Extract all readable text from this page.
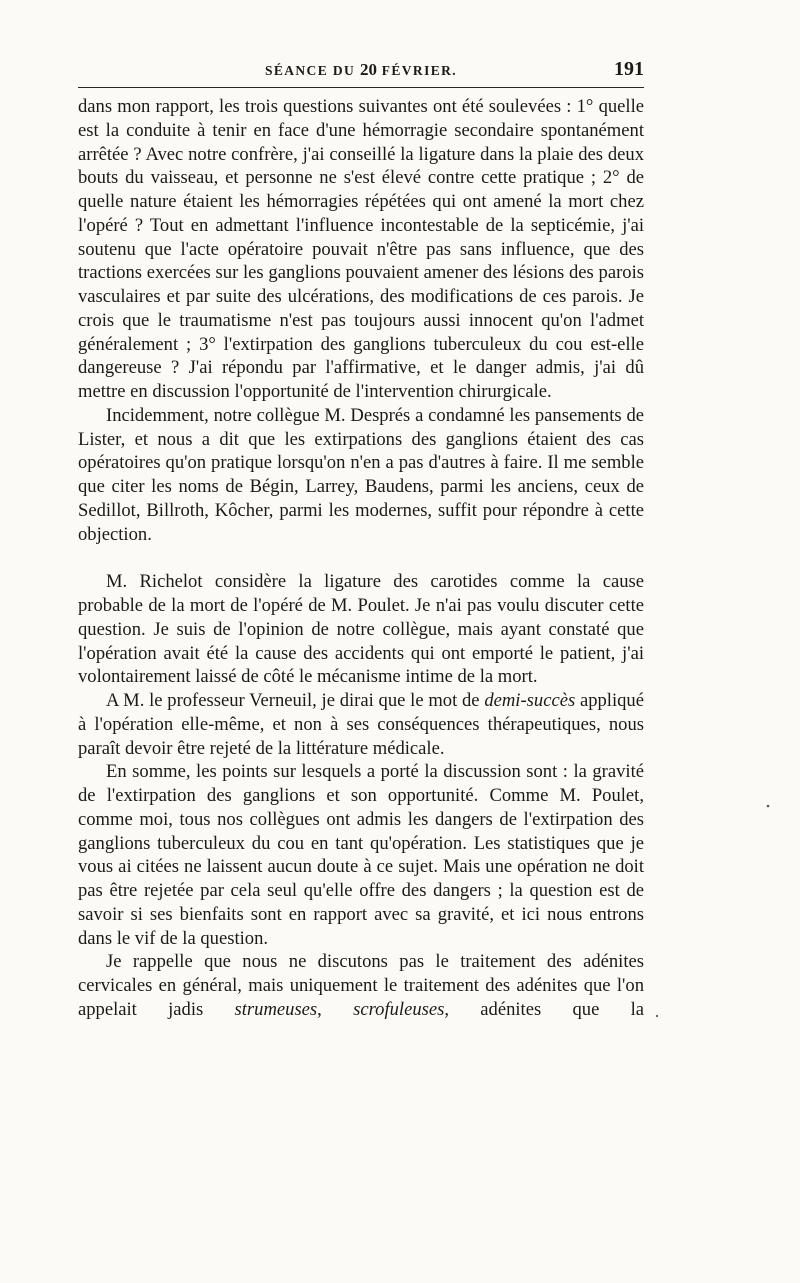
SÉANCE DU 20 FÉVRIER.	191

dans mon rapport, les trois questions suivantes ont été soulevées : 1° quelle est la conduite à tenir en face d'une hémorragie secondaire spontanément arrêtée ? Avec notre confrère, j'ai conseillé la ligature dans la plaie des deux bouts du vaisseau, et personne ne s'est élevé contre cette pratique ; 2° de quelle nature étaient les hémorragies répétées qui ont amené la mort chez l'opéré ? Tout en admettant l'influence incontestable de la septicémie, j'ai soutenu que l'acte opératoire pouvait n'être pas sans influence, que des tractions exercées sur les ganglions pouvaient amener des lésions des parois vasculaires et par suite des ulcérations, des modifications de ces parois. Je crois que le traumatisme n'est pas toujours aussi innocent qu'on l'admet généralement ; 3° l'extirpation des ganglions tuberculeux du cou est-elle dangereuse ? J'ai répondu par l'affirmative, et le danger admis, j'ai dû mettre en discussion l'opportunité de l'intervention chirurgicale.

Incidemment, notre collègue M. Després a condamné les pansements de Lister, et nous a dit que les extirpations des ganglions étaient des cas opératoires qu'on pratique lorsqu'on n'en a pas d'autres à faire. Il me semble que citer les noms de Bégin, Larrey, Baudens, parmi les anciens, ceux de Sedillot, Billroth, Kôcher, parmi les modernes, suffit pour répondre à cette objection.

M. Richelot considère la ligature des carotides comme la cause probable de la mort de l'opéré de M. Poulet. Je n'ai pas voulu discuter cette question. Je suis de l'opinion de notre collègue, mais ayant constaté que l'opération avait été la cause des accidents qui ont emporté le patient, j'ai volontairement laissé de côté le mécanisme intime de la mort.

A M. le professeur Verneuil, je dirai que le mot de demi-succès appliqué à l'opération elle-même, et non à ses conséquences thérapeutiques, nous paraît devoir être rejeté de la littérature médicale.

En somme, les points sur lesquels a porté la discussion sont : la gravité de l'extirpation des ganglions et son opportunité. Comme M. Poulet, comme moi, tous nos collègues ont admis les dangers de l'extirpation des ganglions tuberculeux du cou en tant qu'opération. Les statistiques que je vous ai citées ne laissent aucun doute à ce sujet. Mais une opération ne doit pas être rejetée par cela seul qu'elle offre des dangers ; la question est de savoir si ses bienfaits sont en rapport avec sa gravité, et ici nous entrons dans le vif de la question.

Je rappelle que nous ne discutons pas le traitement des adénites cervicales en général, mais uniquement le traitement des adénites que l'on appelait jadis strumeuses, scrofuleuses, adénites que la
